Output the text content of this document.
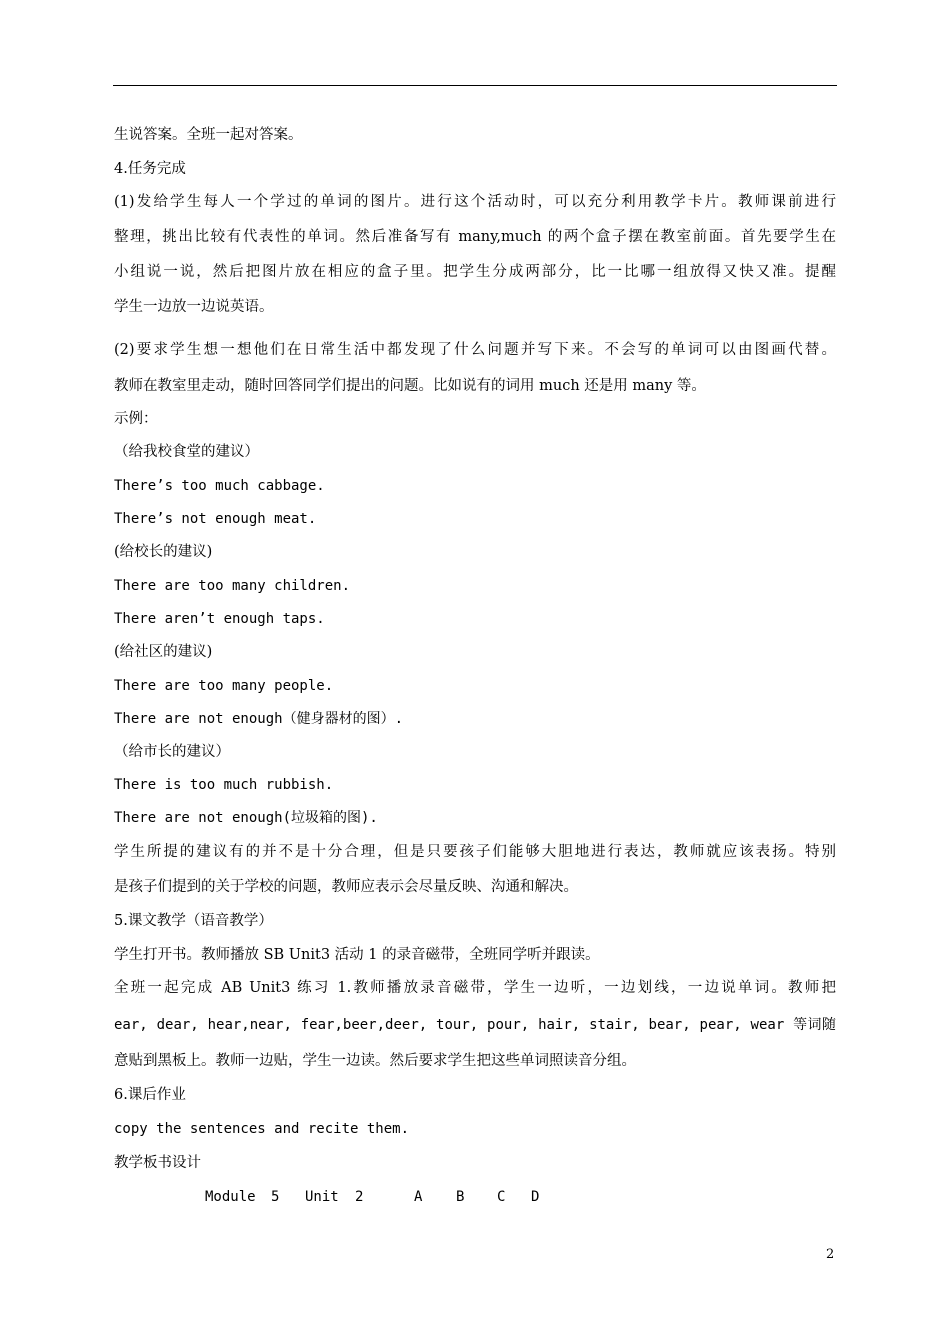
生说答案。全班一起对答案。
4.任务完成
(1)发给学生每人一个学过的单词的图片。进行这个活动时，可以充分利用教学卡片。教师课前进行
整理，挑出比较有代表性的单词。然后准备写有 many,much 的两个盒子摆在教室前面。首先要学生在
小组说一说，然后把图片放在相应的盒子里。把学生分成两部分，比一比哪一组放得又快又准。提醒
学生一边放一边说英语。
(2)要求学生想一想他们在日常生活中都发现了什么问题并写下来。不会写的单词可以由图画代替。
教师在教室里走动，随时回答同学们提出的问题。比如说有的词用 much 还是用 many 等。
示例：
（给我校食堂的建议）
There’s too much cabbage.
There’s not enough meat.
(给校长的建议)
There are too many children.
There aren’t enough taps.
(给社区的建议)
There are too many people.
There are not enough（健身器材的图）.
（给市长的建议）
There is too much rubbish.
There are not enough(垃圾箱的图).
学生所提的建议有的并不是十分合理，但是只要孩子们能够大胆地进行表达，教师就应该表扬。特别
是孩子们提到的关于学校的问题，教师应表示会尽量反映、沟通和解决。
5.课文教学（语音教学）
学生打开书。教师播放 SB Unit3 活动 1 的录音磁带，全班同学听并跟读。
全班一起完成 AB Unit3 练习 1.教师播放录音磁带，学生一边听，一边划线，一边说单词。教师把
ear, dear, hear,near, fear,beer,deer, tour, pour, hair, stair, bear, pear, wear 等词随
意贴到黑板上。教师一边贴，学生一边读。然后要求学生把这些单词照读音分组。
6.课后作业
copy the sentences and recite them.
教学板书设计
Module 5 Unit 2	A B C D
2
